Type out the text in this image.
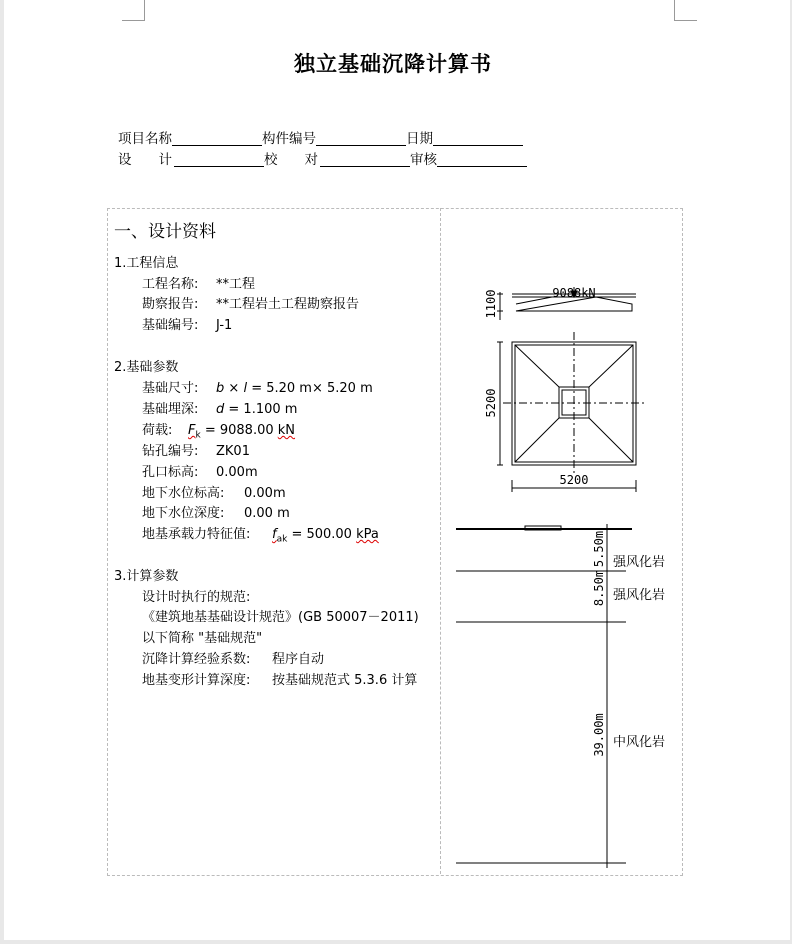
独立基础沉降计算书
项目名称	构件编号	日期
设　　计	校　　对	审核
一、设计资料
1.工程信息
工程名称: **工程
勘察报告: **工程岩土工程勘察报告
基础编号: J-1
2.基础参数
基础尺寸: b × l = 5.20 m× 5.20 m
基础埋深: d = 1.100 m
荷载: $F_k = 9088.00$ kN
钻孔编号: ZK01
孔口标高: 0.00m
地下水位标高: 0.00m
地下水位深度: 0.00 m
地基承载力特征值: $f_{ak} = 500.00$ kPa
3.计算参数
设计时执行的规范:
《建筑地基基础设计规范》(GB 50007－2011)
以下简称 "基础规范"
沉降计算经验系数: 程序自动
地基变形计算深度: 按基础规范式 5.3.6 计算
9088kN
1100
5200
5200
5.50m
8.50m
39.00m
强风化岩
强风化岩
中风化岩
